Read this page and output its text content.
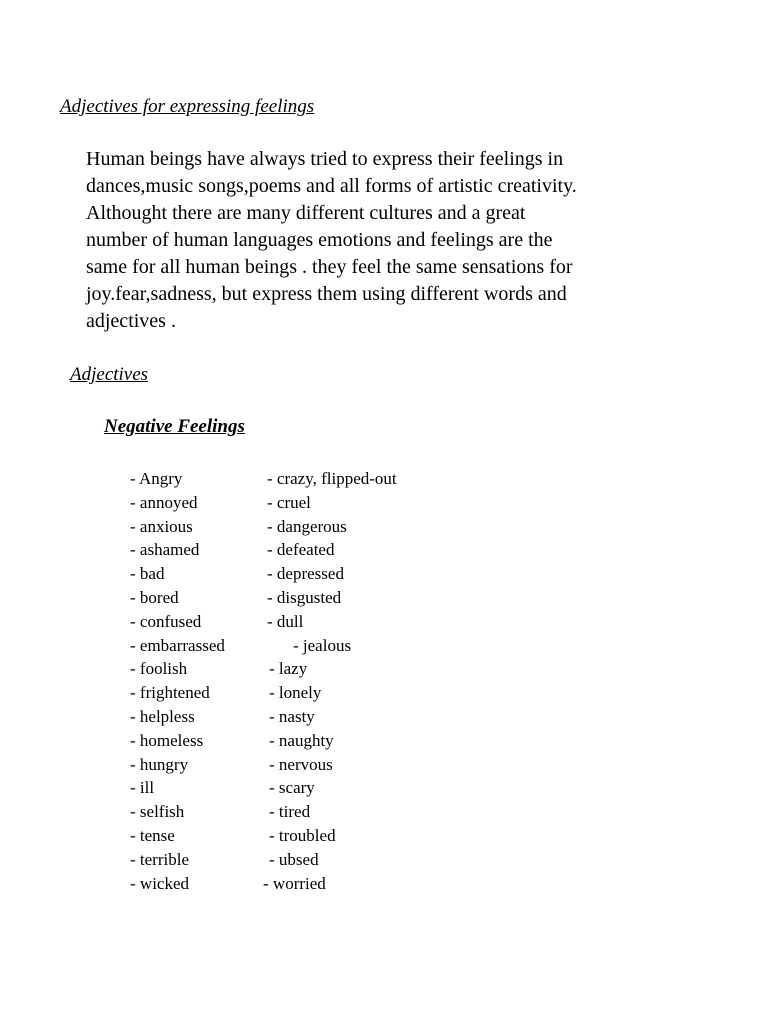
Adjectives for expressing feelings
Human beings have always tried to express their feelings in
dances,music songs,poems and all forms of artistic creativity.
Althought there are many different cultures and a great
number of human languages emotions and feelings are the
same for all human beings . they feel the same sensations for
joy.fear,sadness, but express them using different words and
adjectives .
Adjectives
Negative Feelings
- Angry	- crazy, flipped-out
- annoyed	- cruel
- anxious	- dangerous
- ashamed	- defeated
- bad	- depressed
- bored	- disgusted
- confused	- dull
- embarrassed	- jealous
- foolish	- lazy
- frightened	- lonely
- helpless	- nasty
- homeless	- naughty
- hungry	- nervous
- ill	- scary
- selfish	- tired
- tense	- troubled
- terrible	- ubsed
- wicked	- worried
